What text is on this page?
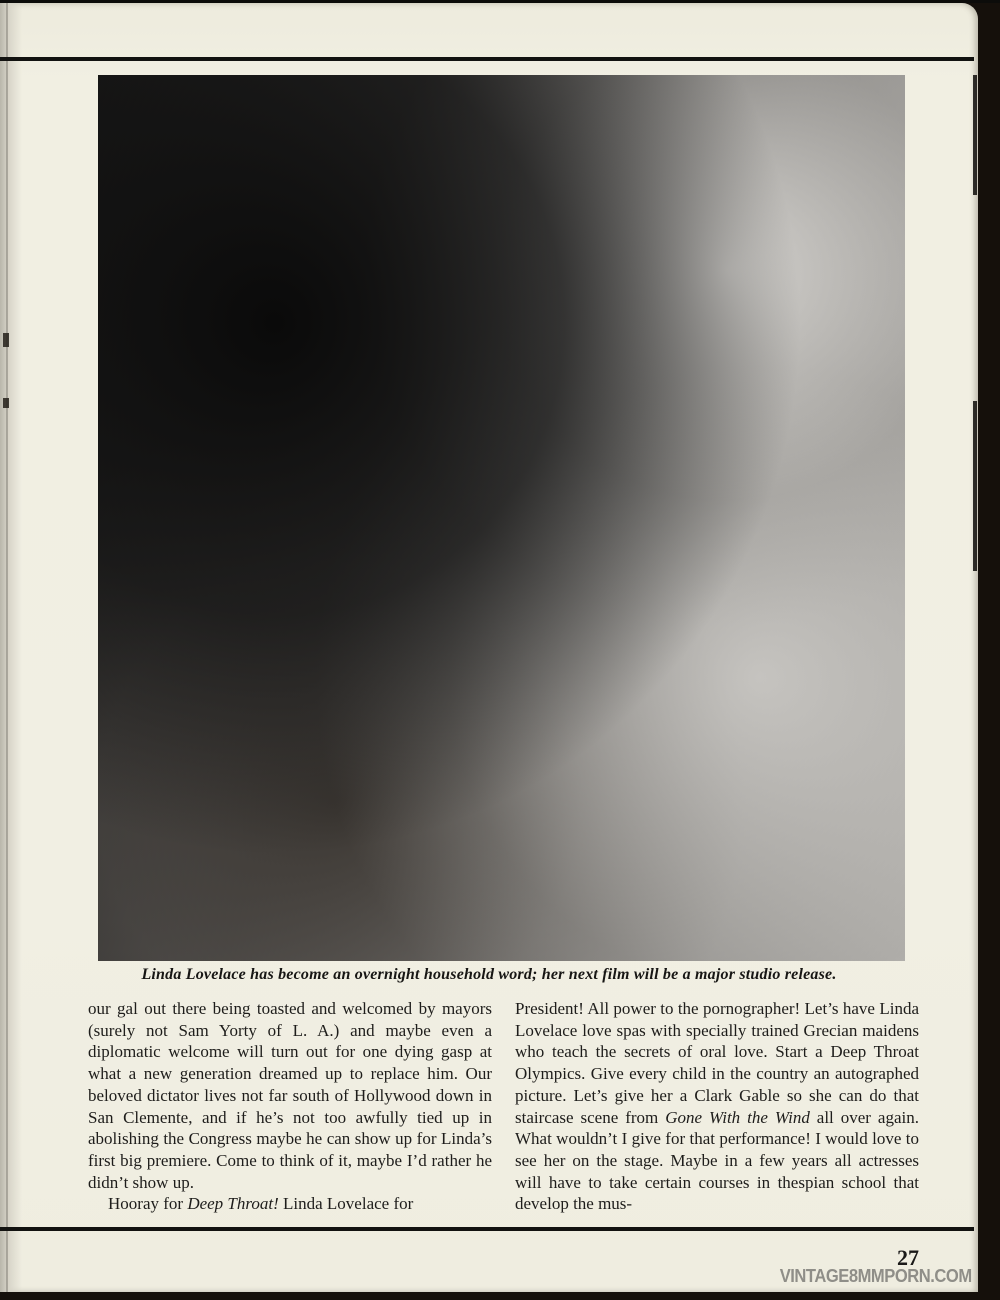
Linda Lovelace has become an overnight household word; her next film will be a major studio release.

our gal out there being toasted and welcomed by mayors (surely not Sam Yorty of L. A.) and maybe even a diplomatic welcome will turn out for one dying gasp at what a new generation dreamed up to replace him. Our beloved dictator lives not far south of Hollywood down in San Clemente, and if he’s not too awfully tied up in abolishing the Congress maybe he can show up for Linda’s first big premiere. Come to think of it, maybe I’d rather he didn’t show up.

Hooray for Deep Throat! Linda Lovelace for

President! All power to the pornographer! Let’s have Linda Lovelace love spas with specially trained Grecian maidens who teach the secrets of oral love. Start a Deep Throat Olympics. Give every child in the country an autographed picture. Let’s give her a Clark Gable so she can do that staircase scene from Gone With the Wind all over again. What wouldn’t I give for that performance! I would love to see her on the stage. Maybe in a few years all actresses will have to take certain courses in thespian school that develop the mus-

27
VINTAGE8MMPORN.COM
